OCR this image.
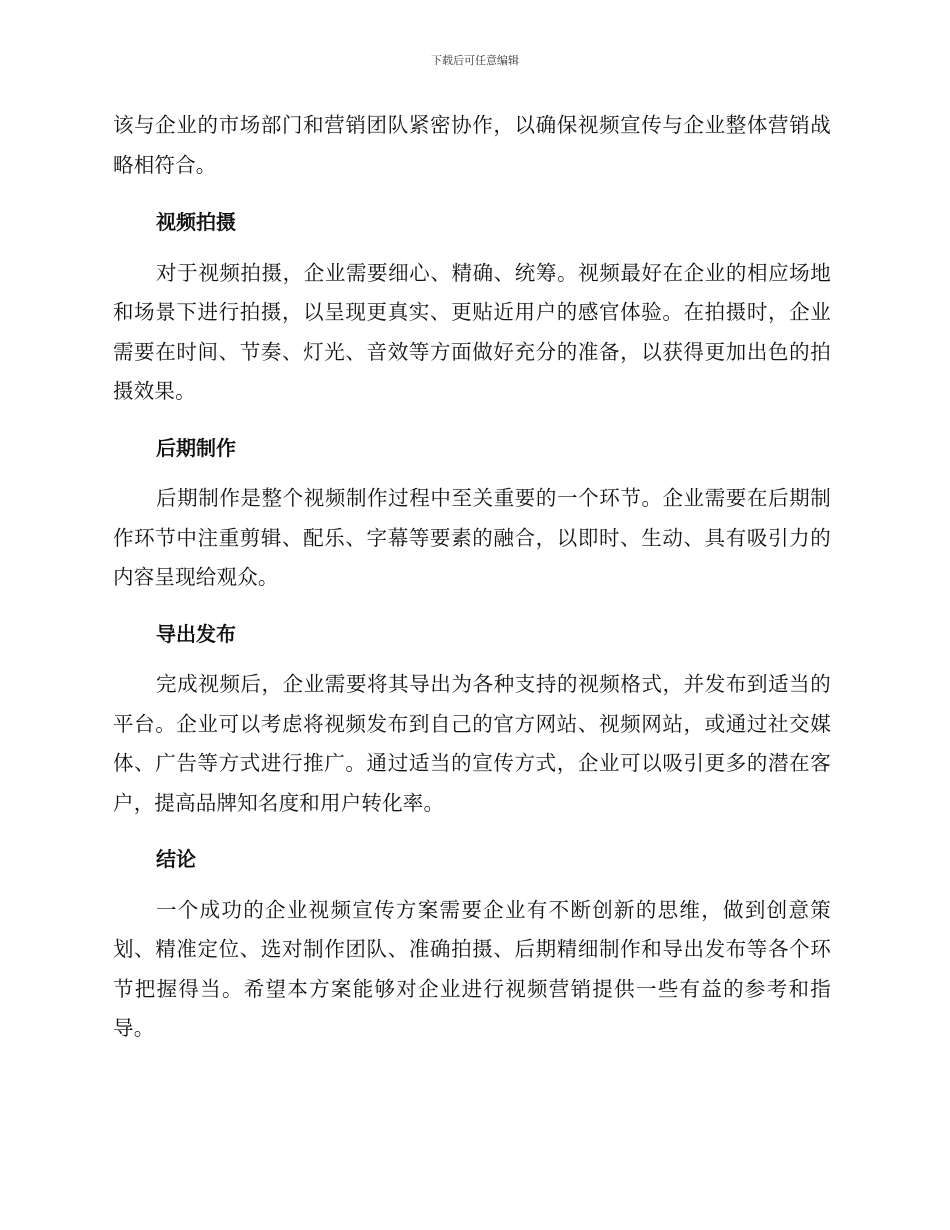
下载后可任意编辑

该与企业的市场部门和营销团队紧密协作，以确保视频宣传与企业整体营销战略相符合。

视频拍摄

对于视频拍摄，企业需要细心、精确、统筹。视频最好在企业的相应场地和场景下进行拍摄，以呈现更真实、更贴近用户的感官体验。在拍摄时，企业需要在时间、节奏、灯光、音效等方面做好充分的准备，以获得更加出色的拍摄效果。

后期制作

后期制作是整个视频制作过程中至关重要的一个环节。企业需要在后期制作环节中注重剪辑、配乐、字幕等要素的融合，以即时、生动、具有吸引力的内容呈现给观众。

导出发布

完成视频后，企业需要将其导出为各种支持的视频格式，并发布到适当的平台。企业可以考虑将视频发布到自己的官方网站、视频网站，或通过社交媒体、广告等方式进行推广。通过适当的宣传方式，企业可以吸引更多的潜在客户，提高品牌知名度和用户转化率。

结论

一个成功的企业视频宣传方案需要企业有不断创新的思维，做到创意策划、精准定位、选对制作团队、准确拍摄、后期精细制作和导出发布等各个环节把握得当。希望本方案能够对企业进行视频营销提供一些有益的参考和指导。
